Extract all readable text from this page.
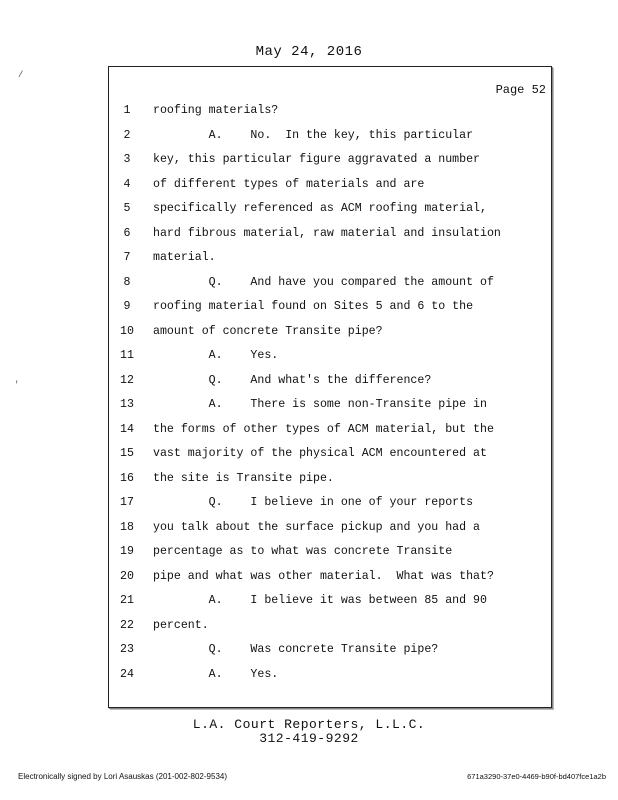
May 24, 2016
/
'
Page 52
1	roofing materials?
2	A.    No.  In the key, this particular
3	key, this particular figure aggravated a number
4	of different types of materials and are
5	specifically referenced as ACM roofing material,
6	hard fibrous material, raw material and insulation
7	material.
8	Q.    And have you compared the amount of
9	roofing material found on Sites 5 and 6 to the
10	amount of concrete Transite pipe?
11	A.    Yes.
12	Q.    And what's the difference?
13	A.    There is some non-Transite pipe in
14	the forms of other types of ACM material, but the
15	vast majority of the physical ACM encountered at
16	the site is Transite pipe.
17	Q.    I believe in one of your reports
18	you talk about the surface pickup and you had a
19	percentage as to what was concrete Transite
20	pipe and what was other material.  What was that?
21	A.    I believe it was between 85 and 90
22	percent.
23	Q.    Was concrete Transite pipe?
24	A.    Yes.
L.A. Court Reporters, L.L.C.
312-419-9292
Electronically signed by Lori Asauskas (201-002-802-9534)	671a3290-37e0-4469-b90f-bd407fce1a2b
